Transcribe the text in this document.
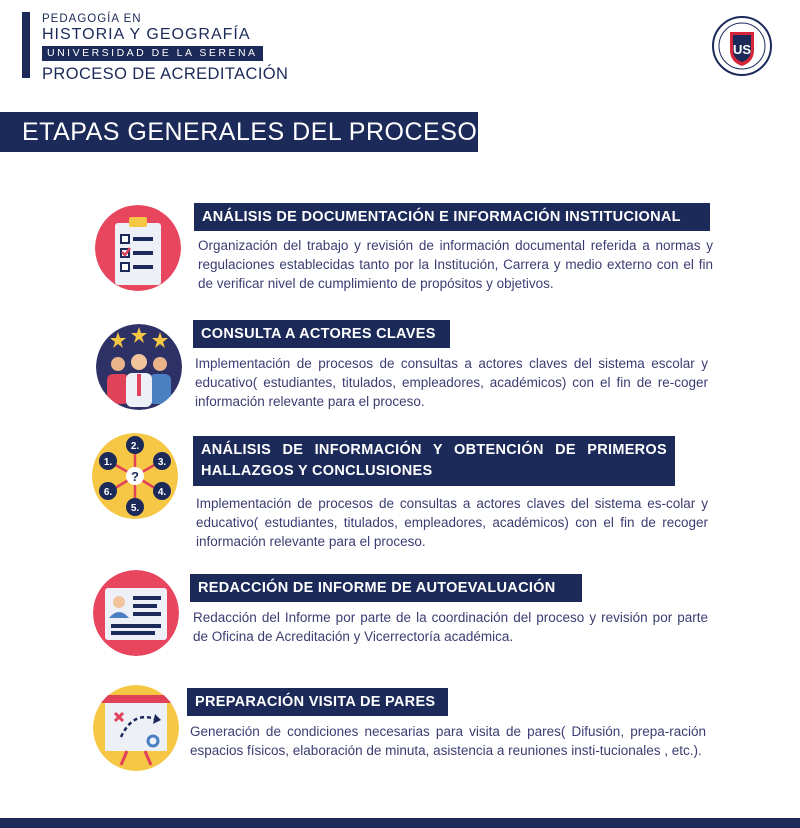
PEDAGOGÍA EN
HISTORIA Y GEOGRAFÍA
UNIVERSIDAD DE LA SERENA
PROCESO DE ACREDITACIÓN
US
ETAPAS GENERALES DEL PROCESO
ANÁLISIS DE DOCUMENTACIÓN E INFORMACIÓN INSTITUCIONAL
Organización del trabajo y revisión de información documental referida a normas y regulaciones establecidas tanto por la Institución, Carrera y medio externo con el fin de verificar nivel de cumplimiento de propósitos y objetivos.
CONSULTA A ACTORES CLAVES
Implementación de procesos de consultas a actores claves del sistema escolar y educativo( estudiantes, titulados, empleadores, académicos) con el fin de re-coger información relevante para el proceso.
?
1.
2.
3.
4.
5.
6.
ANÁLISIS DE INFORMACIÓN Y OBTENCIÓN DE PRIMEROS
HALLAZGOS Y CONCLUSIONES
Implementación de procesos de consultas a actores claves del sistema es-colar y educativo( estudiantes, titulados, empleadores, académicos) con el fin de recoger información relevante para el proceso.
REDACCIÓN DE INFORME DE AUTOEVALUACIÓN
Redacción del Informe por parte de la coordinación del proceso y revisión por parte de Oficina de Acreditación y Vicerrectoría académica.
PREPARACIÓN VISITA DE PARES
Generación de condiciones necesarias para visita de pares( Difusión, prepa-ración espacios físicos, elaboración de minuta, asistencia a reuniones insti-tucionales , etc.).
